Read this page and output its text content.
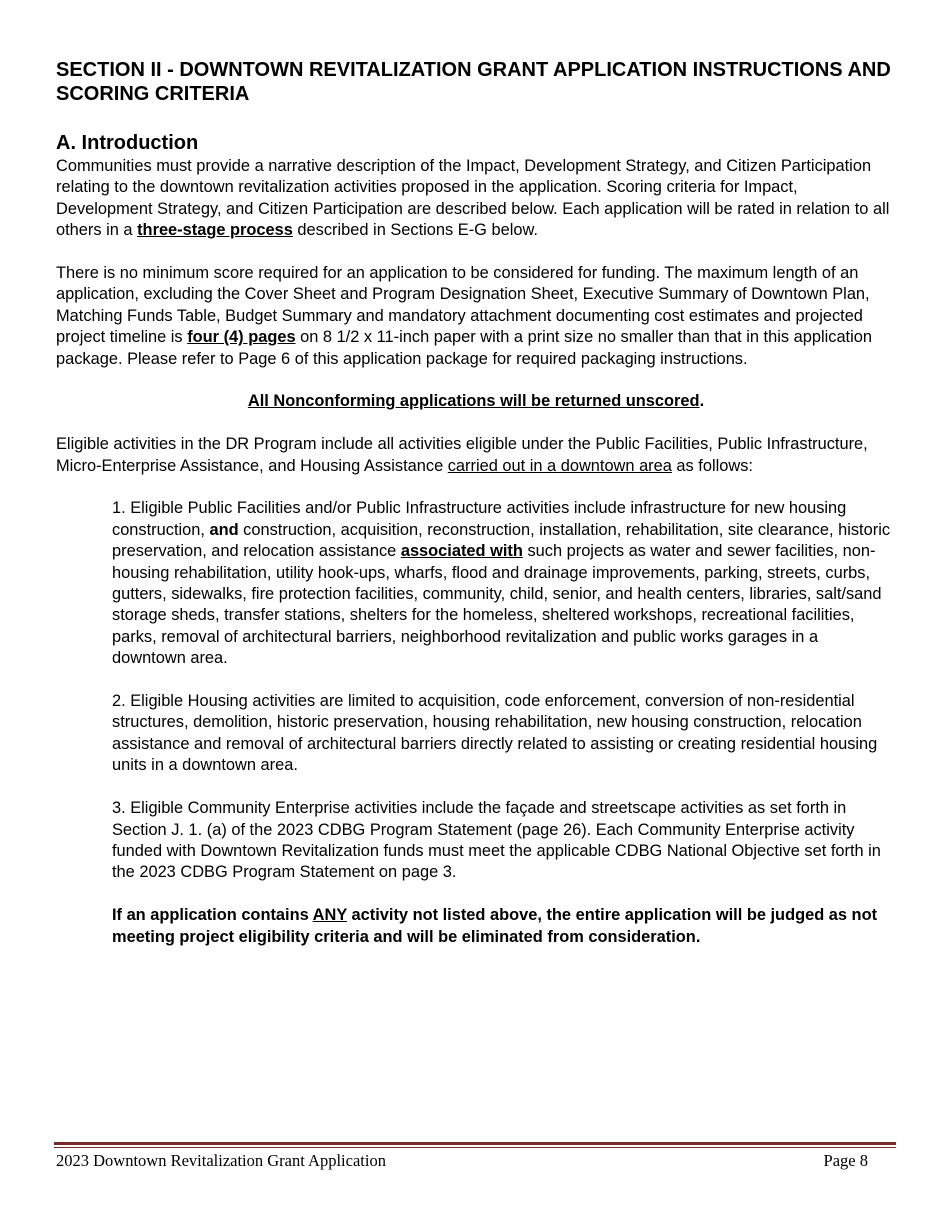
SECTION II - DOWNTOWN REVITALIZATION GRANT APPLICATION INSTRUCTIONS AND SCORING CRITERIA
A. Introduction

Communities must provide a narrative description of the Impact, Development Strategy, and Citizen Participation relating to the downtown revitalization activities proposed in the application. Scoring criteria for Impact, Development Strategy, and Citizen Participation are described below. Each application will be rated in relation to all others in a three-stage process described in Sections E-G below.

There is no minimum score required for an application to be considered for funding. The maximum length of an application, excluding the Cover Sheet and Program Designation Sheet, Executive Summary of Downtown Plan, Matching Funds Table, Budget Summary and mandatory attachment documenting cost estimates and projected project timeline is four (4) pages on 8 1/2 x 11-inch paper with a print size no smaller than that in this application package. Please refer to Page 6 of this application package for required packaging instructions.

All Nonconforming applications will be returned unscored.

Eligible activities in the DR Program include all activities eligible under the Public Facilities, Public Infrastructure, Micro-Enterprise Assistance, and Housing Assistance carried out in a downtown area as follows:

1. Eligible Public Facilities and/or Public Infrastructure activities include infrastructure for new housing construction, and construction, acquisition, reconstruction, installation, rehabilitation, site clearance, historic preservation, and relocation assistance associated with such projects as water and sewer facilities, non-housing rehabilitation, utility hook-ups, wharfs, flood and drainage improvements, parking, streets, curbs, gutters, sidewalks, fire protection facilities, community, child, senior, and health centers, libraries, salt/sand storage sheds, transfer stations, shelters for the homeless, sheltered workshops, recreational facilities, parks, removal of architectural barriers, neighborhood revitalization and public works garages in a downtown area.

2. Eligible Housing activities are limited to acquisition, code enforcement, conversion of non-residential structures, demolition, historic preservation, housing rehabilitation, new housing construction, relocation assistance and removal of architectural barriers directly related to assisting or creating residential housing units in a downtown area.

3. Eligible Community Enterprise activities include the façade and streetscape activities as set forth in Section J. 1. (a) of the 2023 CDBG Program Statement (page 26). Each Community Enterprise activity funded with Downtown Revitalization funds must meet the applicable CDBG National Objective set forth in the 2023 CDBG Program Statement on page 3.

If an application contains ANY activity not listed above, the entire application will be judged as not meeting project eligibility criteria and will be eliminated from consideration.

2023 Downtown Revitalization Grant Application	Page 8
